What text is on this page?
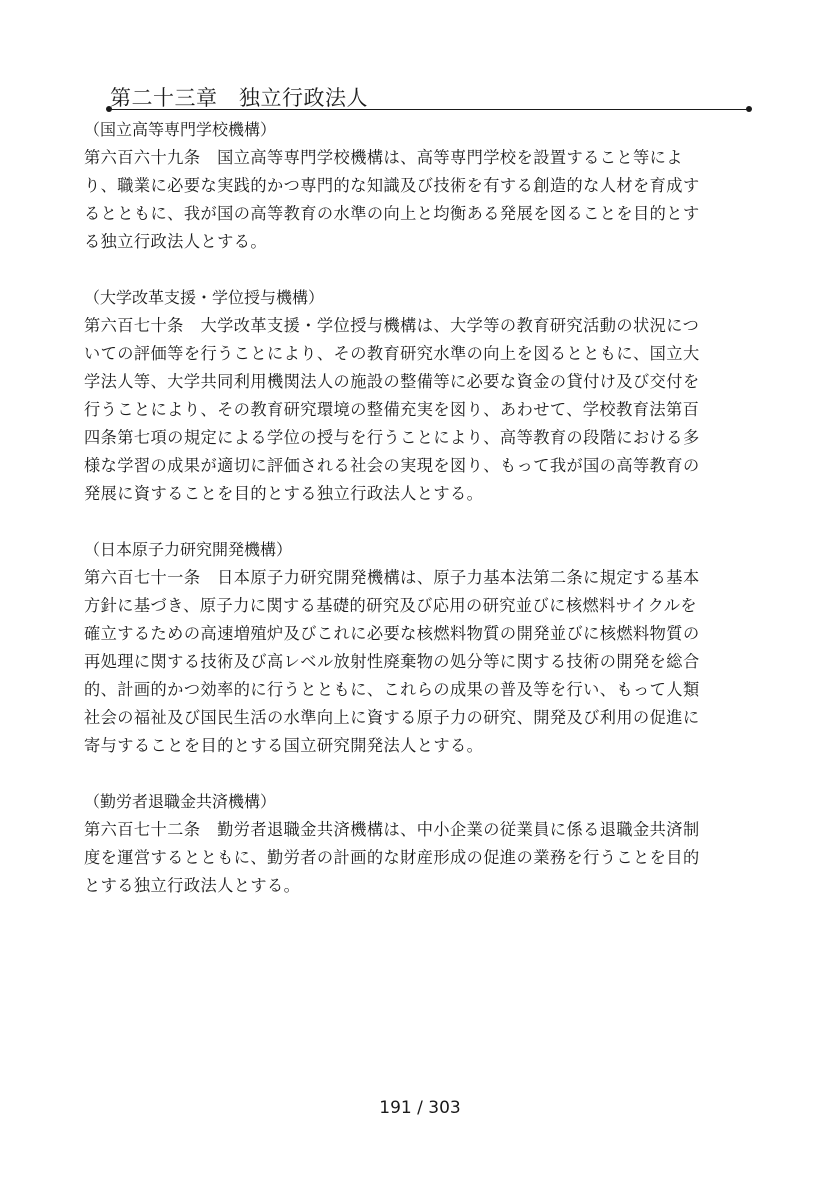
第二十三章　独立行政法人
（国立高等専門学校機構）
第六百六十九条　国立高等専門学校機構は、高等専門学校を設置すること等によ
り、職業に必要な実践的かつ専門的な知識及び技術を有する創造的な人材を育成す
るとともに、我が国の高等教育の水準の向上と均衡ある発展を図ることを目的とす
る独立行政法人とする。
（大学改革支援・学位授与機構）
第六百七十条　大学改革支援・学位授与機構は、大学等の教育研究活動の状況につ
いての評価等を行うことにより、その教育研究水準の向上を図るとともに、国立大
学法人等、大学共同利用機関法人の施設の整備等に必要な資金の貸付け及び交付を
行うことにより、その教育研究環境の整備充実を図り、あわせて、学校教育法第百
四条第七項の規定による学位の授与を行うことにより、高等教育の段階における多
様な学習の成果が適切に評価される社会の実現を図り、もって我が国の高等教育の
発展に資することを目的とする独立行政法人とする。
（日本原子力研究開発機構）
第六百七十一条　日本原子力研究開発機構は、原子力基本法第二条に規定する基本
方針に基づき、原子力に関する基礎的研究及び応用の研究並びに核燃料サイクルを
確立するための高速増殖炉及びこれに必要な核燃料物質の開発並びに核燃料物質の
再処理に関する技術及び高レベル放射性廃棄物の処分等に関する技術の開発を総合
的、計画的かつ効率的に行うとともに、これらの成果の普及等を行い、もって人類
社会の福祉及び国民生活の水準向上に資する原子力の研究、開発及び利用の促進に
寄与することを目的とする国立研究開発法人とする。
（勤労者退職金共済機構）
第六百七十二条　勤労者退職金共済機構は、中小企業の従業員に係る退職金共済制
度を運営するとともに、勤労者の計画的な財産形成の促進の業務を行うことを目的
とする独立行政法人とする。
191 / 303
